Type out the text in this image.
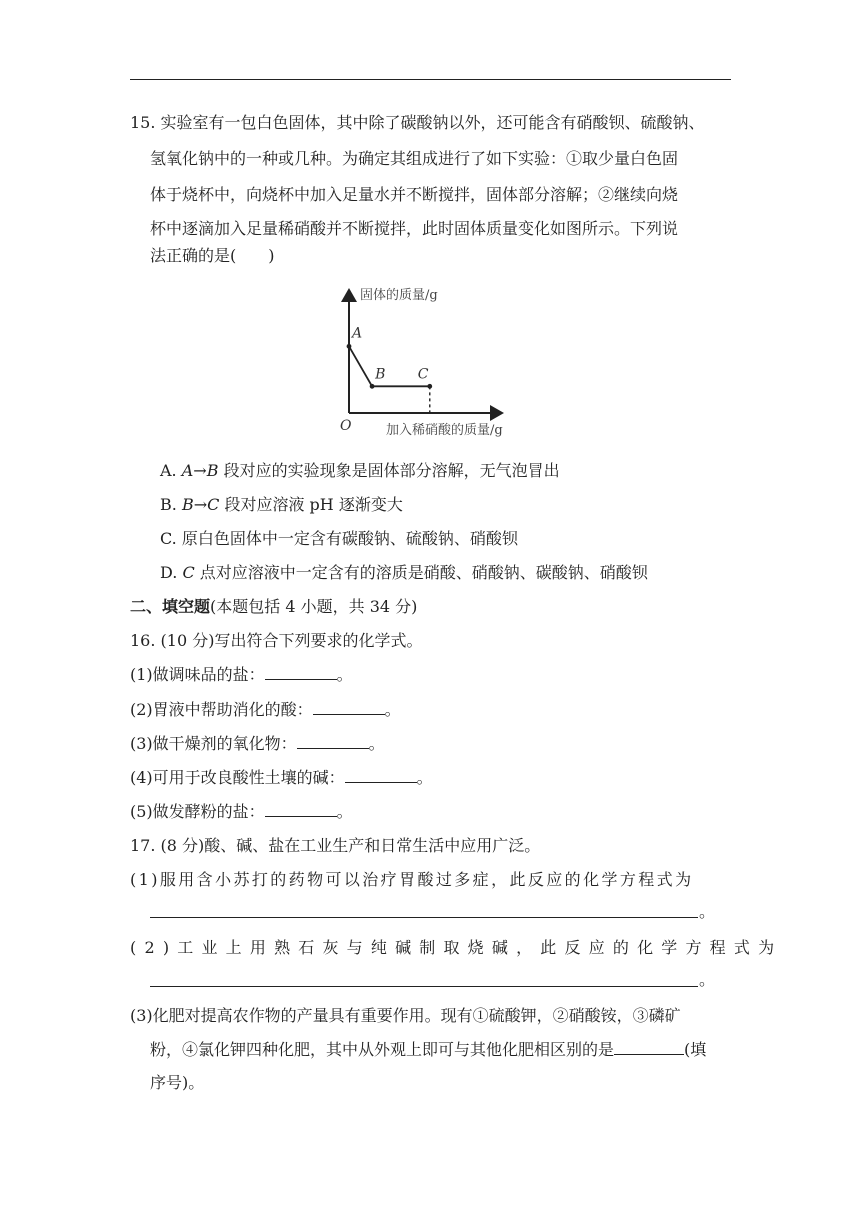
15. 实验室有一包白色固体，其中除了碳酸钠以外，还可能含有硝酸钡、硫酸钠、
氢氧化钠中的一种或几种。为确定其组成进行了如下实验：①取少量白色固
体于烧杯中，向烧杯中加入足量水并不断搅拌，固体部分溶解；②继续向烧
杯中逐滴加入足量稀硝酸并不断搅拌，此时固体质量变化如图所示。下列说
法正确的是(　　)
固体的质量/g
加入稀硝酸的质量/g
O
A
B C
A. A→B 段对应的实验现象是固体部分溶解，无气泡冒出
B. B→C 段对应溶液 pH 逐渐变大
C. 原白色固体中一定含有碳酸钠、硫酸钠、硝酸钡
D. C 点对应溶液中一定含有的溶质是硝酸、硝酸钠、碳酸钠、硝酸钡
二、填空题(本题包括 4 小题，共 34 分)
16. (10 分)写出符合下列要求的化学式。
(1)做调味品的盐：	。
(2)胃液中帮助消化的酸：	。
(3)做干燥剂的氧化物：	。
(4)可用于改良酸性土壤的碱：	。
(5)做发酵粉的盐：	。
17. (8 分)酸、碱、盐在工业生产和日常生活中应用广泛。
(1)服用含小苏打的药物可以治疗胃酸过多症，此反应的化学方程式为
。
(2)工业上用熟石灰与纯碱制取烧碱，此反应的化学方程式为
。
(3)化肥对提高农作物的产量具有重要作用。现有①硫酸钾，②硝酸铵，③磷矿
粉，④氯化钾四种化肥，其中从外观上即可与其他化肥相区别的是	(填
序号)。
